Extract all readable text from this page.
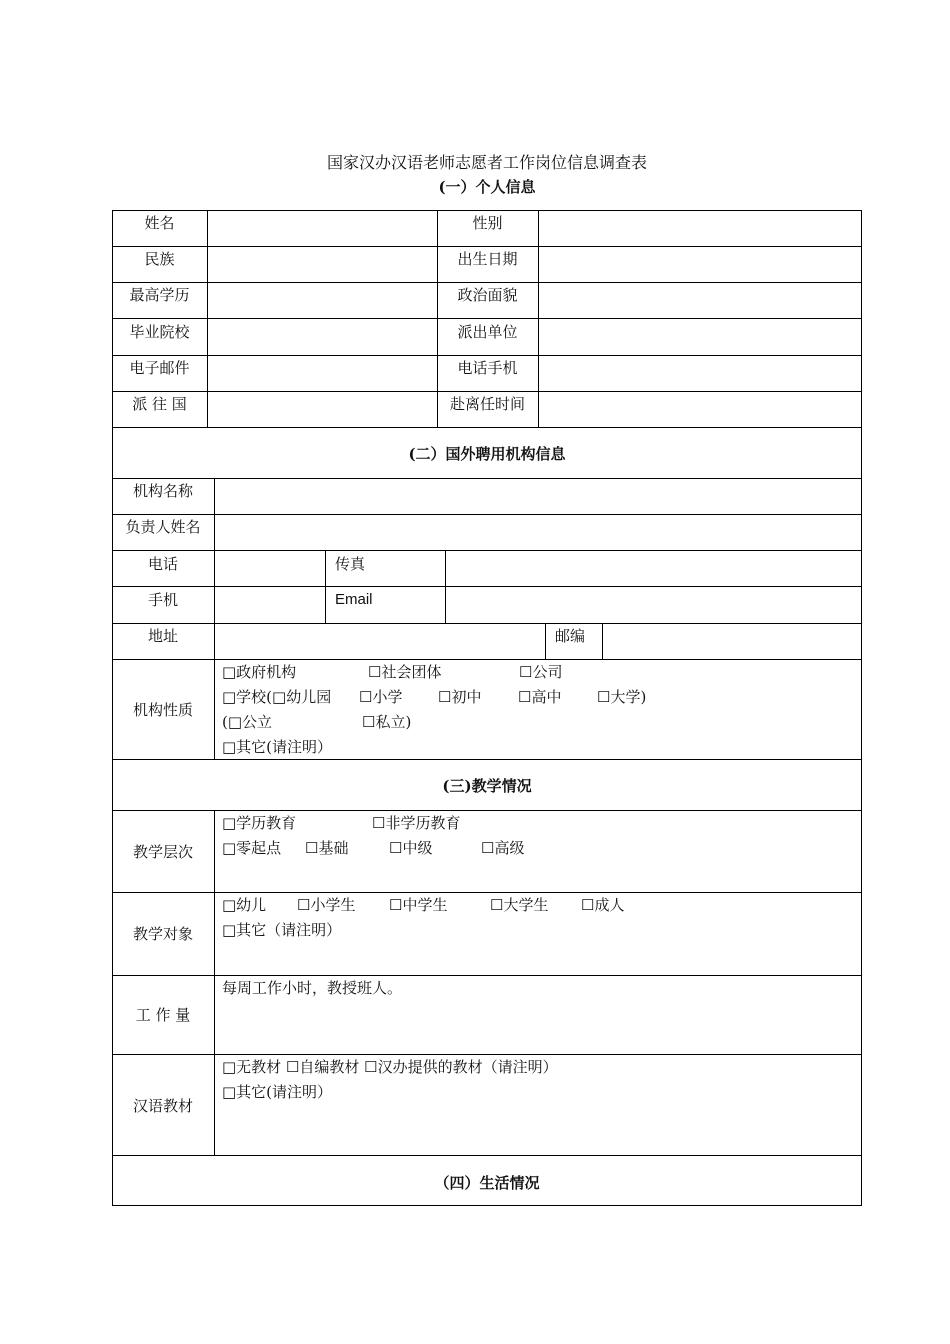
国家汉办汉语老师志愿者工作岗位信息调查表
(一）个人信息
姓名	性别
民族	出生日期
最高学历	政治面貌
毕业院校	派出单位
电子邮件	电话手机
派 往 国	赴离任时间
(二）国外聘用机构信息
机构名称
负责人姓名
电话	传真
手机	Email
地址	邮编
机构性质
□政府机构	☐社会团体	☐公司
□学校(□幼儿园 ☐小学 ☐初中 ☐高中 ☐大学)
(□公立	☐私立)
□其它(请注明）
(三)教学情况
教学层次
□学历教育	☐非学历教育
□零起点 ☐基础	☐中级	☐高级
教学对象
□幼儿 ☐小学生 ☐中学生	☐大学生 ☐成人
□其它（请注明）
工 作 量
每周工作小时，教授班人。
汉语教材
□无教材 ☐自编教材 ☐汉办提供的教材（请注明）
□其它(请注明）
（四）生活情况
